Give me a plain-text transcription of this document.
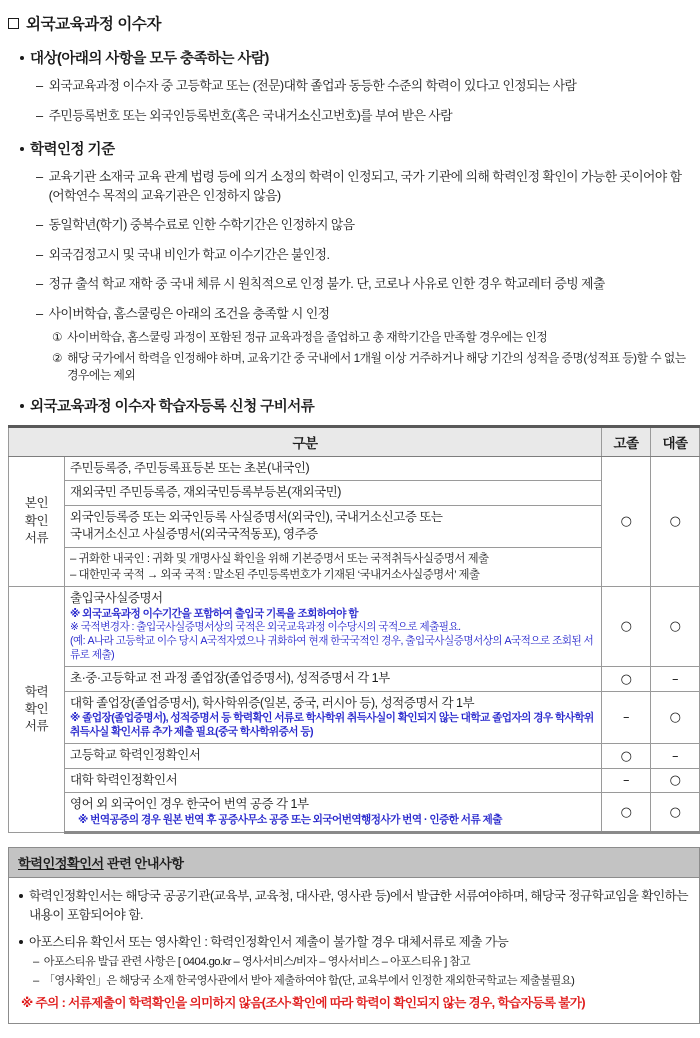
외국교육과정 이수자
대상(아래의 사항을 모두 충족하는 사람)
– 외국교육과정 이수자 중 고등학교 또는 (전문)대학 졸업과 동등한 수준의 학력이 있다고 인정되는 사람
– 주민등록번호 또는 외국인등록번호(혹은 국내거소신고번호)를 부여 받은 사람
학력인정 기준
– 교육기관 소재국 교육 관계 법령 등에 의거 소정의 학력이 인정되고, 국가 기관에 의해 학력인정 확인이 가능한 곳이어야 함(어학연수 목적의 교육기관은 인정하지 않음)
– 동일학년(학기) 중복수료로 인한 수학기간은 인정하지 않음
– 외국검정고시 및 국내 비인가 학교 이수기간은 불인정.
– 정규 출석 학교 재학 중 국내 체류 시 원칙적으로 인정 불가. 단, 코로나 사유로 인한 경우 학교레터 증빙 제출
– 사이버학습, 홈스쿨링은 아래의 조건을 충족할 시 인정
① 사이버학습, 홈스쿨링 과정이 포함된 정규 교육과정을 졸업하고 총 재학기간을 만족할 경우에는 인정
② 해당 국가에서 학력을 인정해야 하며, 교육기간 중 국내에서 1개월 이상 거주하거나 해당 기간의 성적을 증명(성적표 등)할 수 없는 경우에는 제외
외국교육과정 이수자 학습자등록 신청 구비서류
구분		고졸	대졸
본인
확인
서류	주민등록증, 주민등록표등본 또는 초본(내국인)	○	○
	재외국민 주민등록증, 재외국민등록부등본(재외국민)		
	외국인등록증 또는 외국인등록 사실증명서(외국인), 국내거소신고증 또는
국내거소신고 사실증명서(외국국적동포), 영주증		

	– 귀화한 내국인 : 귀화 및 개명사실 확인을 위해 기본증명서 또는 국적취득사실증명서 제출
– 대한민국 국적 → 외국 국적 : 말소된 주민등록번호가 기재된 ‘국내거소사실증명서’ 제출		

학력
확인
서류	출입국사실증명서
※ 외국교육과정 이수기간을 포함하여 출입국 기록을 조회하여야 함
※ 국적변경자 : 출입국사실증명서상의 국적은 외국교육과정 이수당시의 국적으로 제출필요.
(예: A나라 고등학교 이수 당시 A국적자였으나 귀화하여 현재 한국국적인 경우, 출입국사실증명서상의 A국적으로 조회된 서류로 제출)	○	○
	초·중·고등학교 전 과정 졸업장(졸업증명서), 성적증명서 각 1부	○	–
	대학 졸업장(졸업증명서), 학사학위증(일본, 중국, 러시아 등), 성적증명서 각 1부
※ 졸업장(졸업증명서), 성적증명서 등 학력확인 서류로 학사학위 취득사실이 확인되지 않는 대학교 졸업자의 경우 학사학위 취득사실 확인서류 추가 제출 필요(중국 학사학위증서 등)	–	○
	고등학교 학력인정확인서	○	–
	대학 학력인정확인서	–	○
	영어 외 외국어인 경우 한국어 번역 공증 각 1부
※ 번역공증의 경우 원본 번역 후 공증사무소 공증 또는 외국어번역행정사가 번역 · 인증한 서류 제출	○	○
학력인정확인서 관련 안내사항
학력인정확인서는 해당국 공공기관(교육부, 교육청, 대사관, 영사관 등)에서 발급한 서류여야하며, 해당국 정규학교임을 확인하는 내용이 포함되어야 함.
아포스티유 확인서 또는 영사확인 : 학력인정확인서 제출이 불가할 경우 대체서류로 제출 가능
– 아포스티유 발급 관련 사항은 [ 0404.go.kr – 영사서비스/비자 – 영사서비스 – 아포스티유 ] 참고
– 「영사확인」은 해당국 소재 한국영사관에서 받아 제출하여야 함(단, 교육부에서 인정한 재외한국학교는 제출불필요)
※ 주의 : 서류제출이 학력확인을 의미하지 않음(조사·확인에 따라 학력이 확인되지 않는 경우, 학습자등록 불가)
